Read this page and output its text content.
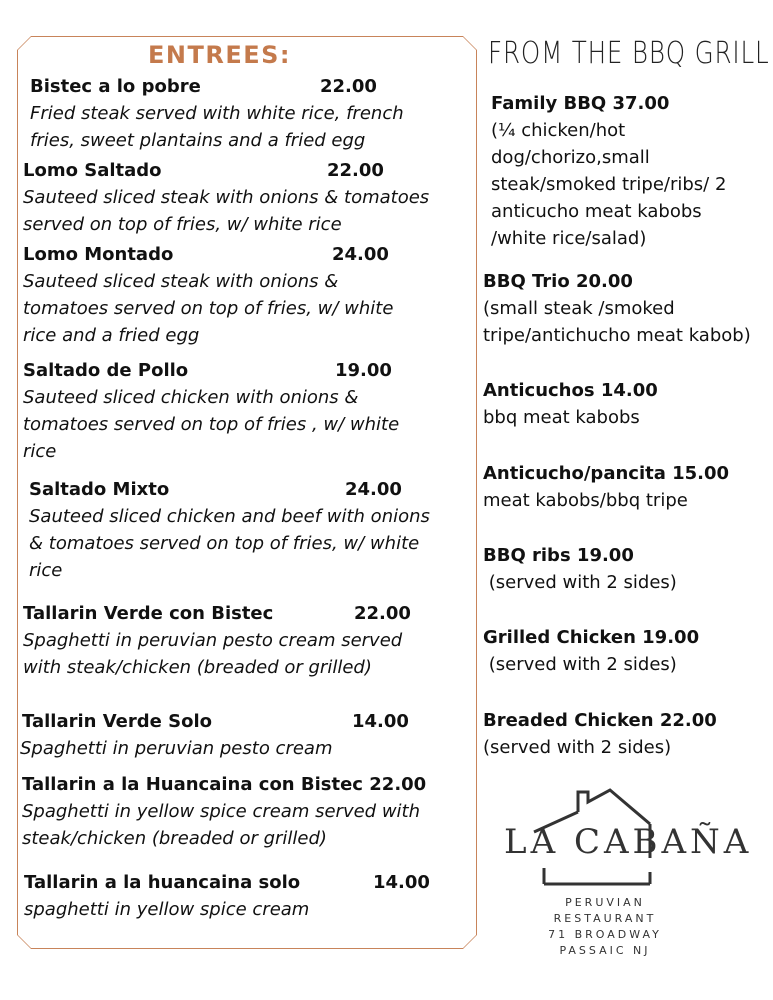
ENTREES:
Bistec a lo pobre	22.00
Fried steak served with white rice, french
fries, sweet plantains and a fried egg
Lomo Saltado	22.00
Sauteed sliced steak with onions & tomatoes
served on top of fries, w/ white rice
Lomo Montado	24.00
Sauteed sliced steak with onions &
tomatoes served on top of fries, w/ white
rice and a fried egg
Saltado de Pollo	19.00
Sauteed sliced chicken with onions &
tomatoes served on top of fries , w/ white
rice
Saltado Mixto	24.00
Sauteed sliced chicken and beef with onions
& tomatoes served on top of fries, w/ white
rice
Tallarin Verde con Bistec	22.00
Spaghetti in peruvian pesto cream served
with steak/chicken (breaded or grilled)
Tallarin Verde Solo	14.00
Spaghetti in peruvian pesto cream
Tallarin a la Huancaina con Bistec 22.00
Spaghetti in yellow spice cream served with
steak/chicken (breaded or grilled)
Tallarin a la huancaina solo	14.00
spaghetti in yellow spice cream
FROM THE BBQ GRILL
Family BBQ 37.00
(¼ chicken/hot
dog/chorizo,small
steak/smoked tripe/ribs/ 2
anticucho meat kabobs
/white rice/salad)
BBQ Trio 20.00
(small steak /smoked
tripe/antichucho meat kabob)
Anticuchos 14.00
bbq meat kabobs
Anticucho/pancita 15.00
meat kabobs/bbq tripe
BBQ ribs 19.00
(served with 2 sides)
Grilled Chicken 19.00
(served with 2 sides)
Breaded Chicken 22.00
(served with 2 sides)
LA CABAÑA
PERUVIAN
RESTAURANT
71 BROADWAY
PASSAIC NJ
